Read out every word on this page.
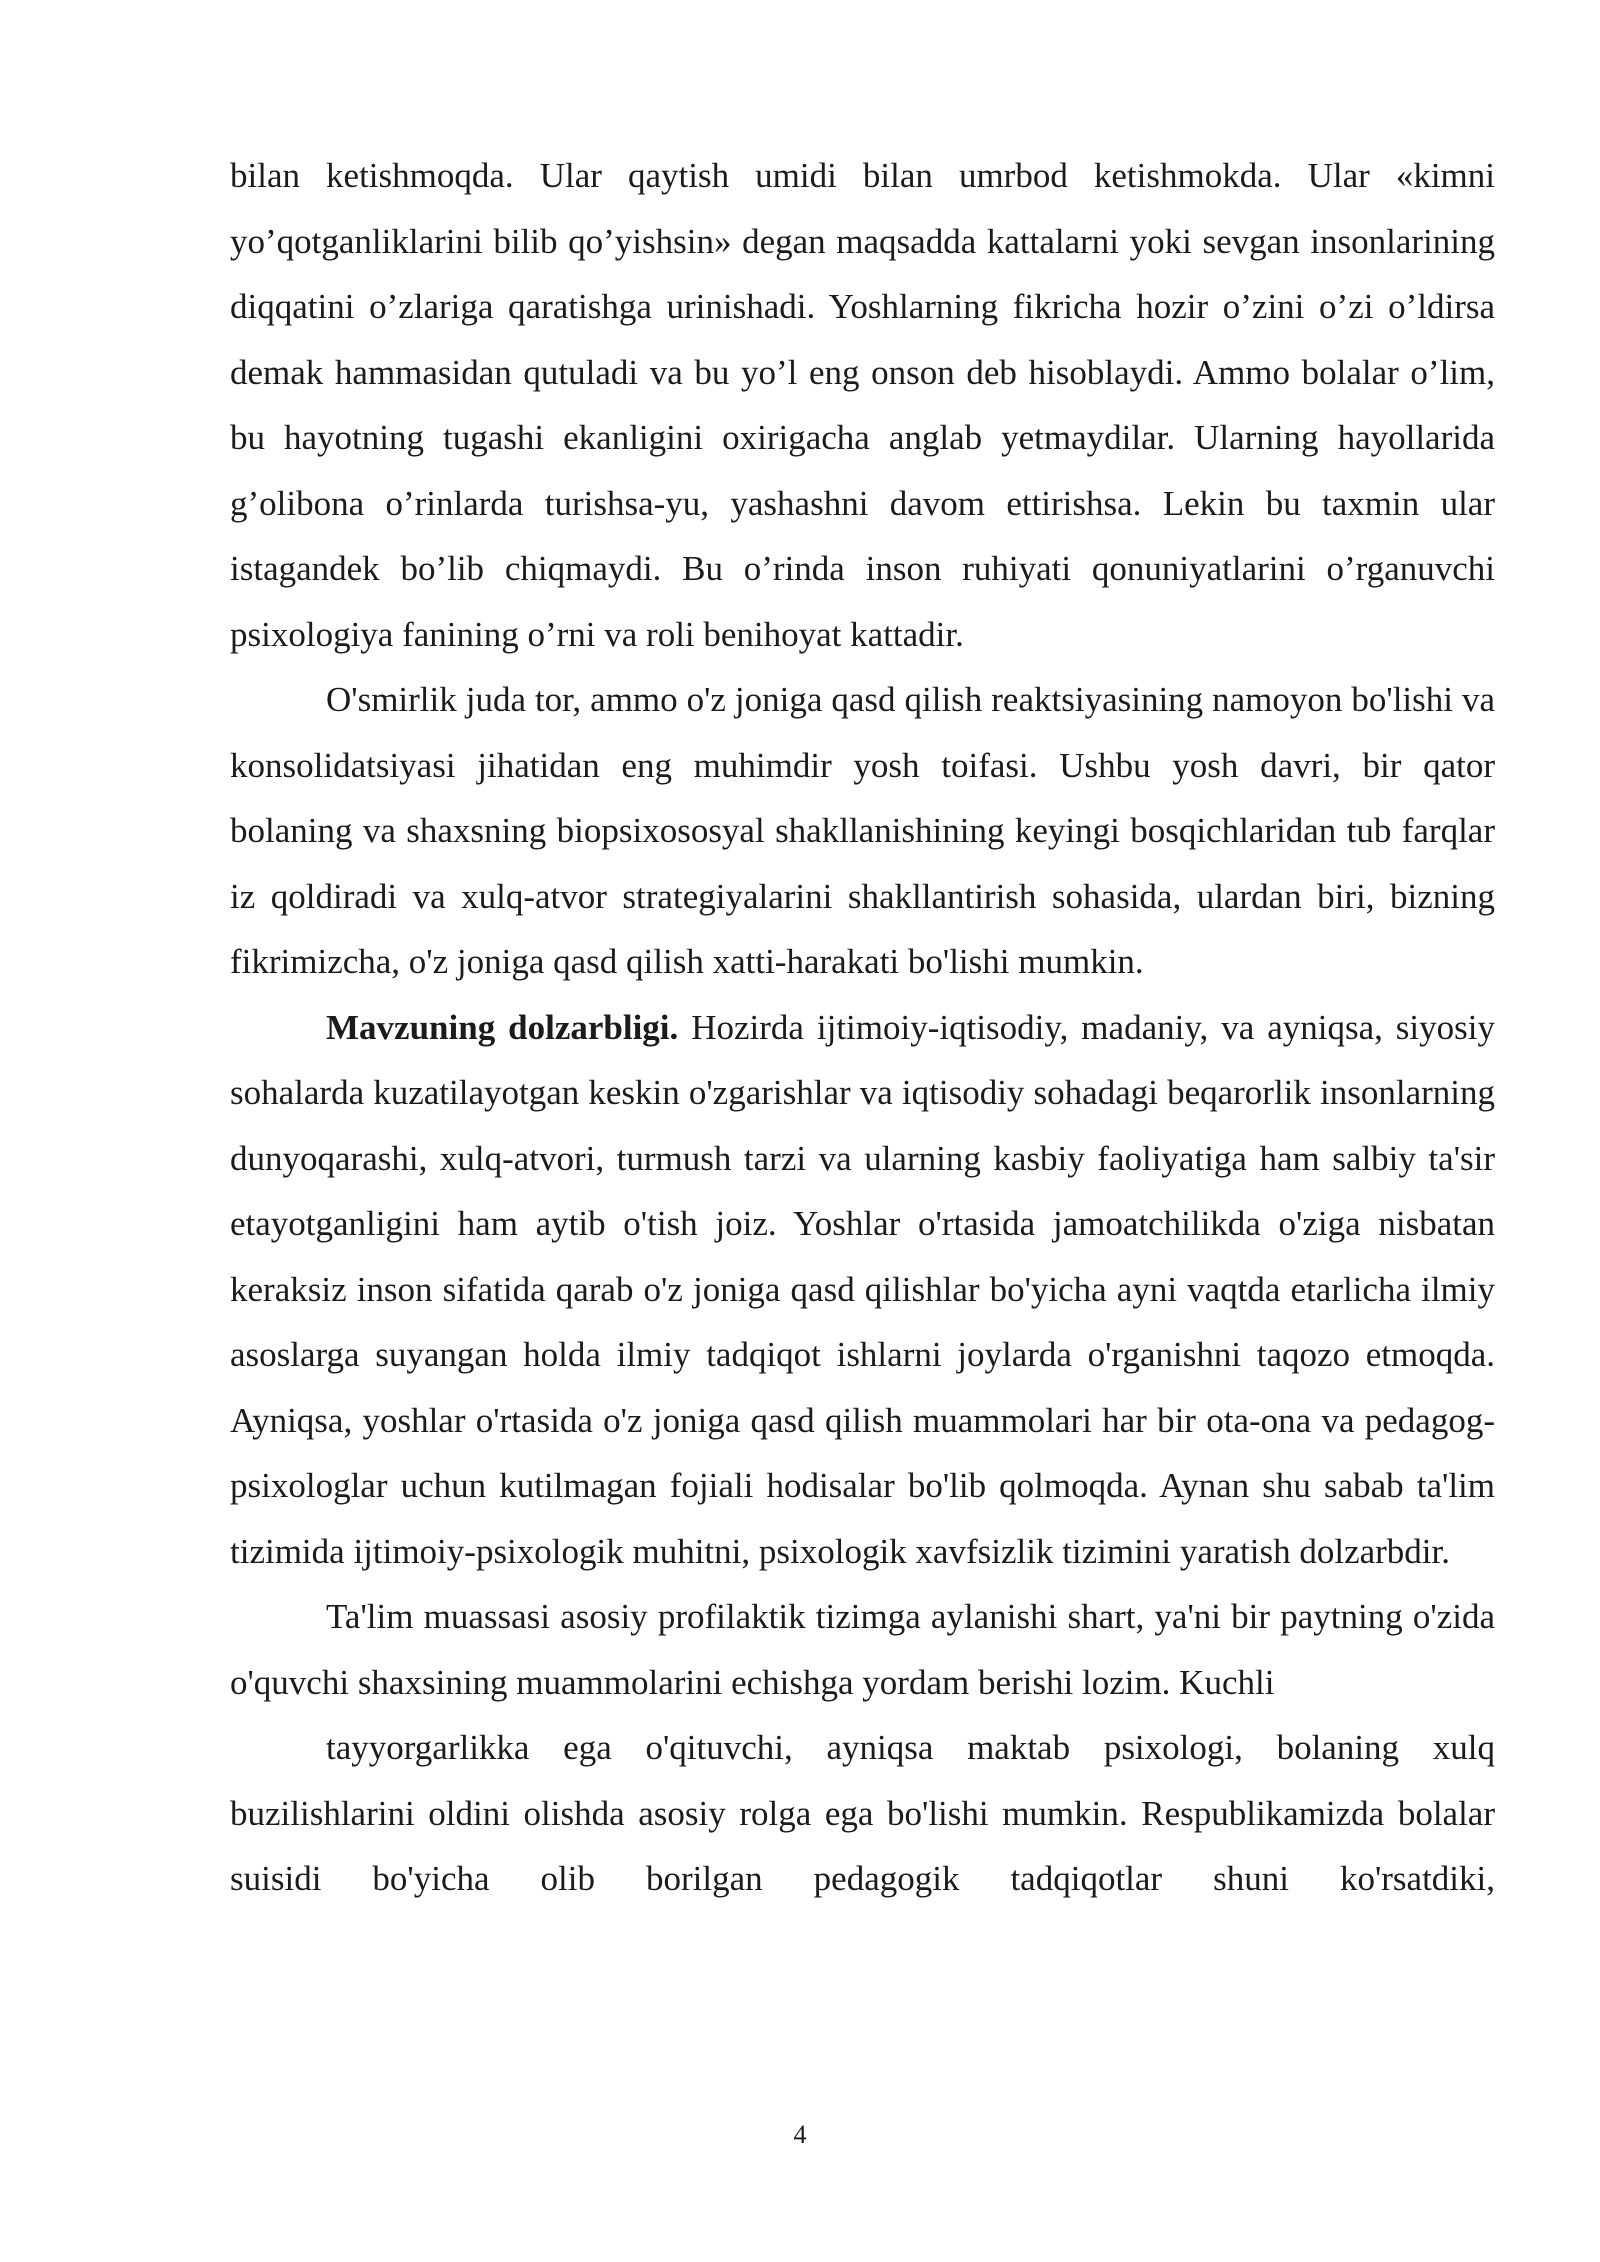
bilan ketishmoqda. Ular qaytish umidi bilan umrbod ketishmokda. Ular «kimni yo’qotganliklarini bilib qo’yishsin» degan maqsadda kattalarni yoki sevgan insonlarining diqqatini o’zlariga qaratishga urinishadi. Yoshlarning fikricha hozir o’zini o’zi o’ldirsa demak hammasidan qutuladi va bu yo’l eng onson deb hisoblaydi. Ammo bolalar o’lim, bu hayotning tugashi ekanligini oxirigacha anglab yetmaydilar. Ularning hayollarida g’olibona o’rinlarda turishsa-yu, yashashni davom ettirishsa. Lekin bu taxmin ular istagandek bo’lib chiqmaydi. Bu o’rinda inson ruhiyati qonuniyatlarini o’rganuvchi psixologiya fanining o’rni va roli benihoyat kattadir.

O'smirlik juda tor, ammo o'z joniga qasd qilish reaktsiyasining namoyon bo'lishi va konsolidatsiyasi jihatidan eng muhimdir yosh toifasi. Ushbu yosh davri, bir qator bolaning va shaxsning biopsixososyal shakllanishining keyingi bosqichlaridan tub farqlar iz qoldiradi va xulq-atvor strategiyalarini shakllantirish sohasida, ulardan biri, bizning fikrimizcha, o'z joniga qasd qilish xatti-harakati bo'lishi mumkin.

Mavzuning dolzarbligi. Hozirda ijtimoiy-iqtisodiy, madaniy, va ayniqsa, siyosiy sohalarda kuzatilayotgan keskin o'zgarishlar va iqtisodiy sohadagi beqarorlik insonlarning dunyoqarashi, xulq-atvori, turmush tarzi va ularning kasbiy faoliyatiga ham salbiy ta'sir etayotganligini ham aytib o'tish joiz. Yoshlar o'rtasida jamoatchilikda o'ziga nisbatan keraksiz inson sifatida qarab o'z joniga qasd qilishlar bo'yicha ayni vaqtda etarlicha ilmiy asoslarga suyangan holda ilmiy tadqiqot ishlarni joylarda o'rganishni taqozo etmoqda. Ayniqsa, yoshlar o'rtasida o'z joniga qasd qilish muammolari har bir ota-ona va pedagog-psixologlar uchun kutilmagan fojiali hodisalar bo'lib qolmoqda. Aynan shu sabab ta'lim tizimida ijtimoiy-psixologik muhitni, psixologik xavfsizlik tizimini yaratish dolzarbdir.

Ta'lim muassasi asosiy profilaktik tizimga aylanishi shart, ya'ni bir paytning o'zida o'quvchi shaxsining muammolarini echishga yordam berishi lozim. Kuchli

tayyorgarlikka ega o'qituvchi, ayniqsa maktab psixologi, bolaning xulq buzilishlarini oldini olishda asosiy rolga ega bo'lishi mumkin. Respublikamizda bolalar suisidi bo'yicha olib borilgan pedagogik tadqiqotlar shuni ko'rsatdiki,

4
